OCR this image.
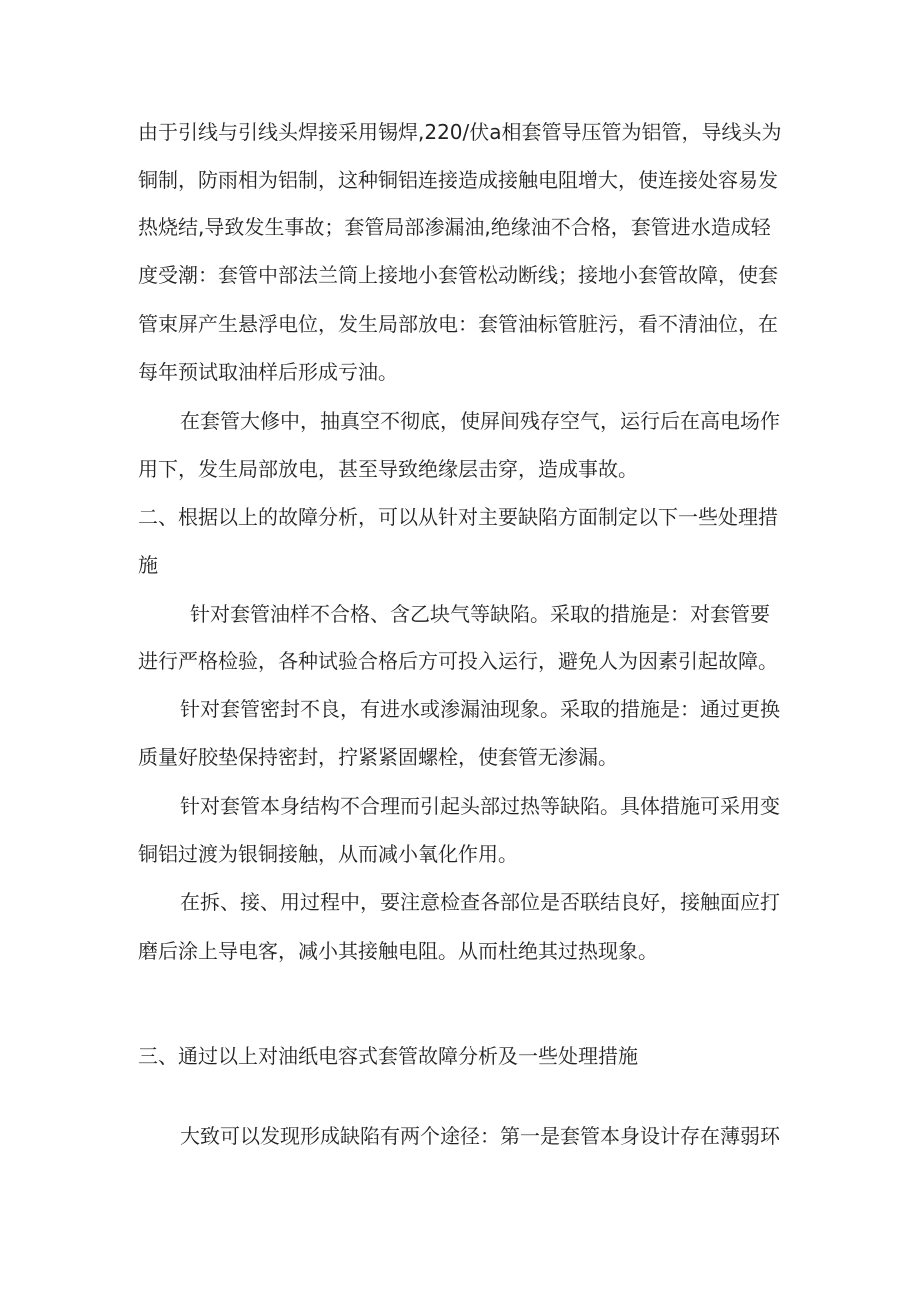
由于引线与引线头焊接采用锡焊,220/伏a相套管导压管为铝管，导线头为
铜制，防雨相为铝制，这种铜铝连接造成接触电阻增大，使连接处容易发
热烧结,导致发生事故；套管局部渗漏油,绝缘油不合格，套管进水造成轻
度受潮：套管中部法兰筒上接地小套管松动断线；接地小套管故障，使套
管束屏产生悬浮电位，发生局部放电：套管油标管脏污，看不清油位，在
每年预试取油样后形成亏油。
在套管大修中，抽真空不彻底，使屏间残存空气，运行后在高电场作
用下，发生局部放电，甚至导致绝缘层击穿，造成事故。
二、根据以上的故障分析，可以从针对主要缺陷方面制定以下一些处理措
施
针对套管油样不合格、含乙块气等缺陷。采取的措施是：对套管要
进行严格检验，各种试验合格后方可投入运行，避免人为因素引起故障。
针对套管密封不良，有进水或渗漏油现象。采取的措施是：通过更换
质量好胶垫保持密封，拧紧紧固螺栓，使套管无渗漏。
针对套管本身结构不合理而引起头部过热等缺陷。具体措施可采用变
铜铝过渡为银铜接触，从而减小氧化作用。
在拆、接、用过程中，要注意检查各部位是否联结良好，接触面应打
磨后涂上导电客，减小其接触电阻。从而杜绝其过热现象。
三、通过以上对油纸电容式套管故障分析及一些处理措施
大致可以发现形成缺陷有两个途径：第一是套管本身设计存在薄弱环
